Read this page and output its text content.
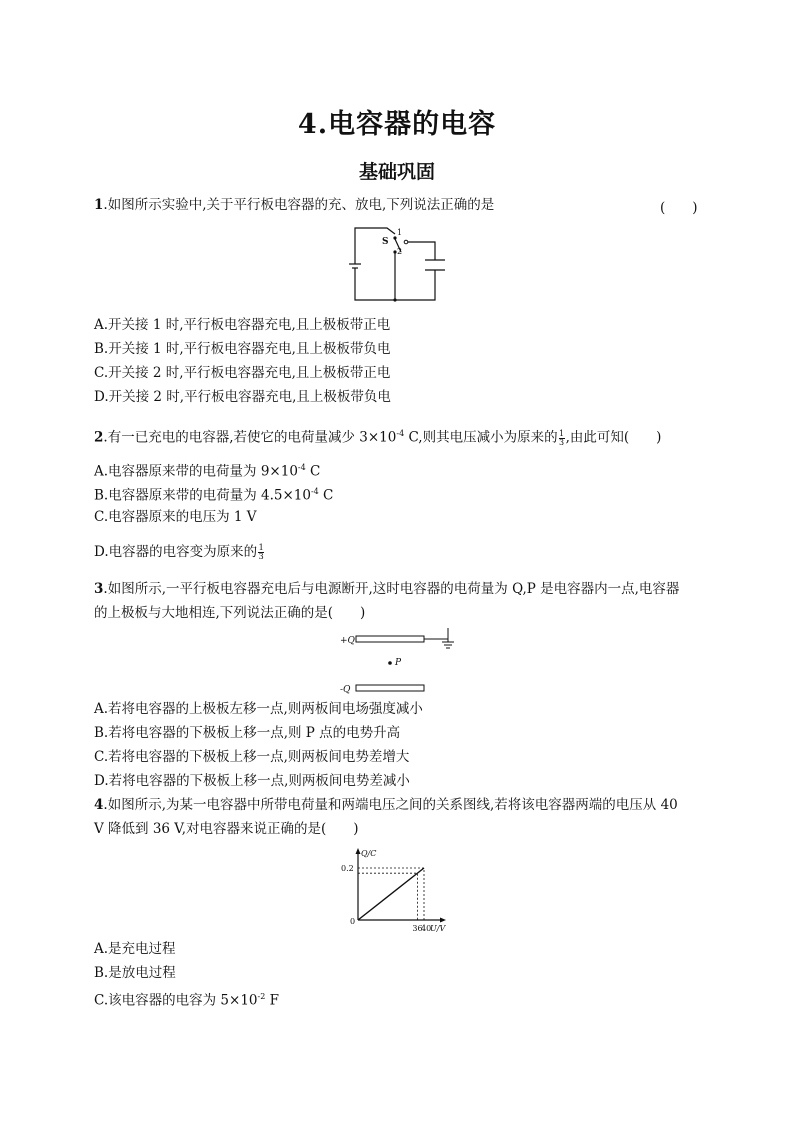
4.电容器的电容
基础巩固
1.如图所示实验中,关于平行板电容器的充、放电,下列说法正确的是	(　　)
S
1
2
A.开关接 1 时,平行板电容器充电,且上极板带正电
B.开关接 1 时,平行板电容器充电,且上极板带负电
C.开关接 2 时,平行板电容器充电,且上极板带正电
D.开关接 2 时,平行板电容器充电,且上极板带负电
2.有一已充电的电容器,若使它的电荷量减少 $3\times 10^{-4}$ C,则其电压减小为原来的 $\frac{1}{3}$ ,由此可知(　　)
A.电容器原来带的电荷量为 $9\times 10^{-4}$ C
B.电容器原来带的电荷量为 $4.5\times 10^{-4}$ C
C.电容器原来的电压为 1 V
D.电容器的电容变为原来的 $\frac{1}{3}$
3.如图所示,一平行板电容器充电后与电源断开,这时电容器的电荷量为 Q,P 是电容器内一点,电容器
的上极板与大地相连,下列说法正确的是(　　)
+Q
P
-Q
A.若将电容器的上极板左移一点,则两板间电场强度减小
B.若将电容器的下极板上移一点,则 P 点的电势升高
C.若将电容器的下极板上移一点,则两板间电势差增大
D.若将电容器的下极板上移一点,则两板间电势差减小
4.如图所示,为某一电容器中所带电荷量和两端电压之间的关系图线,若将该电容器两端的电压从 40
V 降低到 36 V,对电容器来说正确的是(　　)
0
0.2
36
40
Q/C
U/V
A.是充电过程
B.是放电过程
C.该电容器的电容为 $5\times 10^{-2}$ F
